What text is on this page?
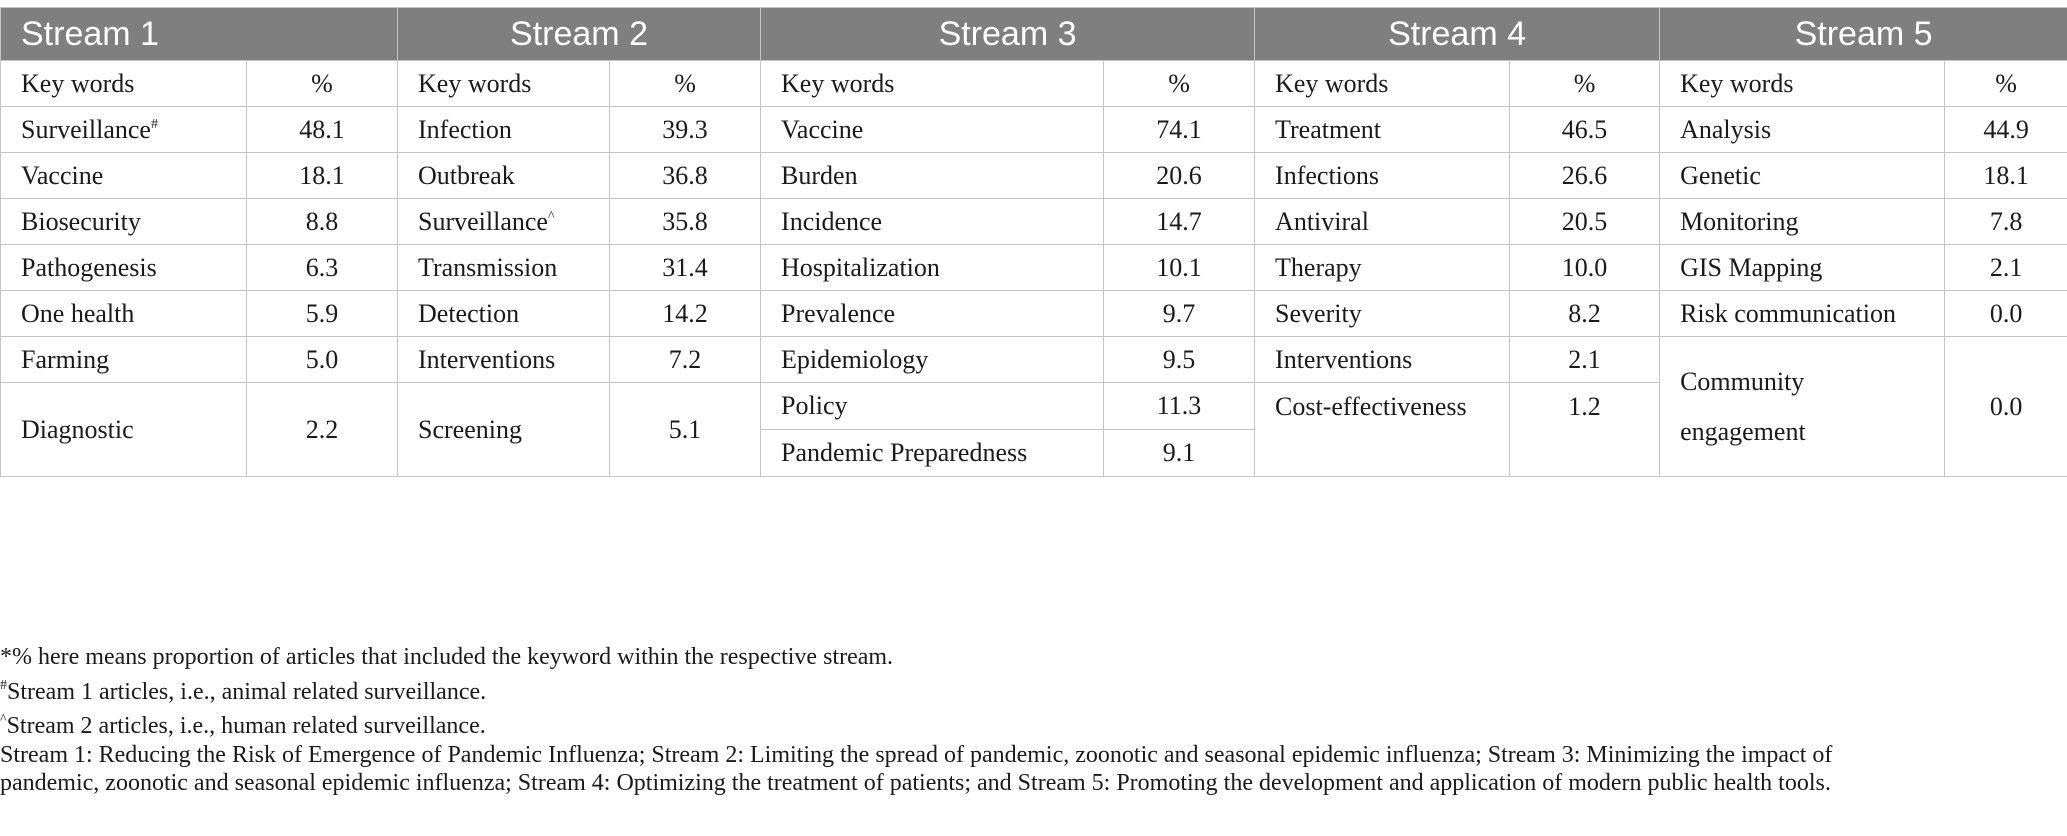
Stream 1		Stream 2		Stream 3		Stream 4		Stream 5	
Key words	%	Key words	%	Key words	%	Key words	%	Key words	%
Surveillance#	48.1	Infection	39.3	Vaccine	74.1	Treatment	46.5	Analysis	44.9
Vaccine	18.1	Outbreak	36.8	Burden	20.6	Infections	26.6	Genetic	18.1
Biosecurity	8.8	Surveillance^	35.8	Incidence	14.7	Antiviral	20.5	Monitoring	7.8
Pathogenesis	6.3	Transmission	31.4	Hospitalization	10.1	Therapy	10.0	GIS Mapping	2.1
One health	5.9	Detection	14.2	Prevalence	9.7	Severity	8.2	Risk communication	0.0
Farming	5.0	Interventions	7.2	Epidemiology	9.5	Interventions	2.1	Community engagement	0.0
Diagnostic	2.2	Screening	5.1	Policy	11.3	Cost-effectiveness	1.2		
				Pandemic Preparedness	9.1				

*% here means proportion of articles that included the keyword within the respective stream.

#Stream 1 articles, i.e., animal related surveillance.

^Stream 2 articles, i.e., human related surveillance.

Stream 1: Reducing the Risk of Emergence of Pandemic Influenza; Stream 2: Limiting the spread of pandemic, zoonotic and seasonal epidemic influenza; Stream 3: Minimizing the impact of

pandemic, zoonotic and seasonal epidemic influenza; Stream 4: Optimizing the treatment of patients; and Stream 5: Promoting the development and application of modern public health tools.
